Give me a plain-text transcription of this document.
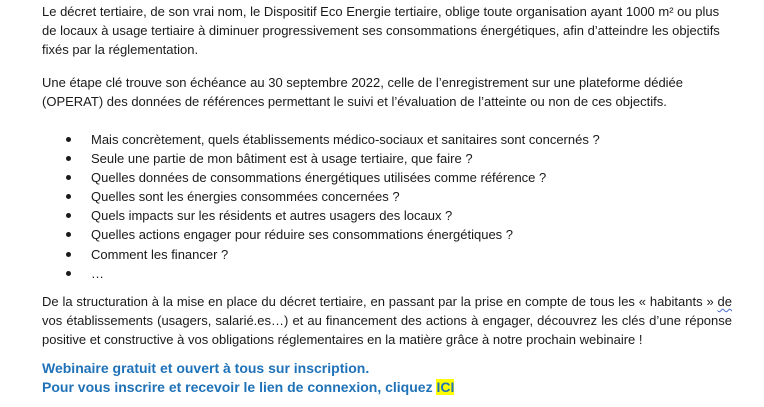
Le décret tertiaire, de son vrai nom, le Dispositif Eco Energie tertiaire, oblige toute organisation ayant 1000 m² ou plus de locaux à usage tertiaire à diminuer progressivement ses consommations énergétiques, afin d’atteindre les objectifs fixés par la réglementation.

Une étape clé trouve son échéance au 30 septembre 2022, celle de l’enregistrement sur une plateforme dédiée (OPERAT) des données de références permettant le suivi et l’évaluation de l’atteinte ou non de ces objectifs.

Mais concrètement, quels établissements médico-sociaux et sanitaires sont concernés ?
Seule une partie de mon bâtiment est à usage tertiaire, que faire ?
Quelles données de consommations énergétiques utilisées comme référence ?
Quelles sont les énergies consommées concernées ?
Quels impacts sur les résidents et autres usagers des locaux ?
Quelles actions engager pour réduire ses consommations énergétiques ?
Comment les financer ?
…

De la structuration à la mise en place du décret tertiaire, en passant par la prise en compte de tous les « habitants » de vos établissements (usagers, salarié.es…) et au financement des actions à engager, découvrez les clés d’une réponse positive et constructive à vos obligations réglementaires en la matière grâce à notre prochain webinaire !

Webinaire gratuit et ouvert à tous sur inscription.
Pour vous inscrire et recevoir le lien de connexion, cliquez ICI
